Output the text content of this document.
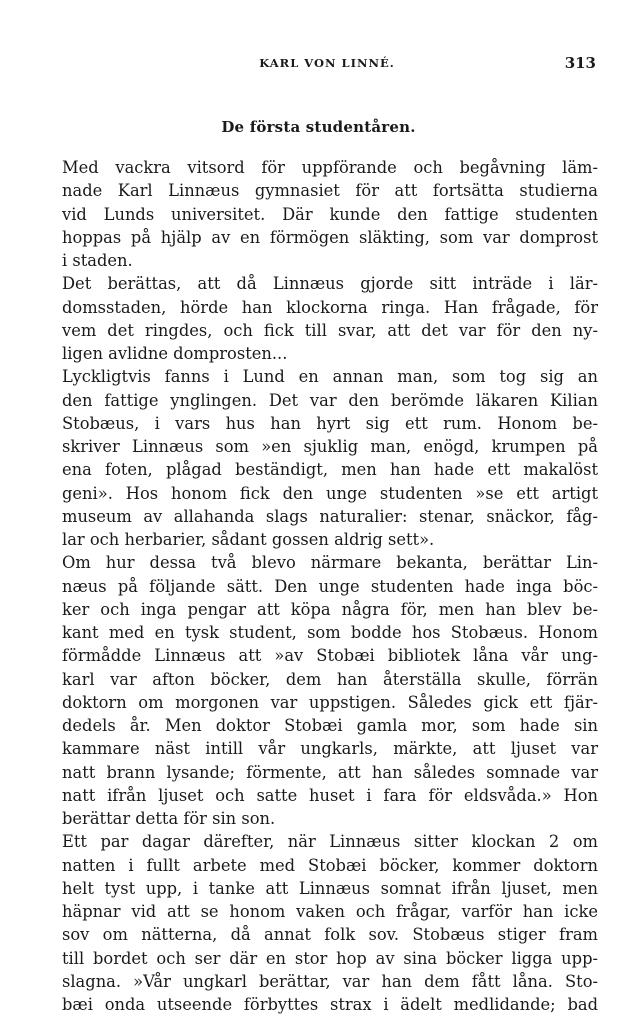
KARL VON LINNÉ.	313
De första studentåren.
Med vackra vitsord för uppförande och begåvning läm-
nade Karl Linnæus gymnasiet för att fortsätta studierna
vid Lunds universitet. Där kunde den fattige studenten
hoppas på hjälp av en förmögen släkting, som var domprost
i staden.
Det berättas, att då Linnæus gjorde sitt inträde i lär-
domsstaden, hörde han klockorna ringa. Han frågade, för
vem det ringdes, och fick till svar, att det var för den ny-
ligen avlidne domprosten...
Lyckligtvis fanns i Lund en annan man, som tog sig an
den fattige ynglingen. Det var den berömde läkaren Kilian
Stobæus, i vars hus han hyrt sig ett rum. Honom be-
skriver Linnæus som »en sjuklig man, enögd, krumpen på
ena foten, plågad beständigt, men han hade ett makalöst
geni». Hos honom fick den unge studenten »se ett artigt
museum av allahanda slags naturalier: stenar, snäckor, fåg-
lar och herbarier, sådant gossen aldrig sett».
Om hur dessa två blevo närmare bekanta, berättar Lin-
næus på följande sätt. Den unge studenten hade inga böc-
ker och inga pengar att köpa några för, men han blev be-
kant med en tysk student, som bodde hos Stobæus. Honom
förmådde Linnæus att »av Stobæi bibliotek låna vår ung-
karl var afton böcker, dem han återställa skulle, förrän
doktorn om morgonen var uppstigen. Således gick ett fjär-
dedels år. Men doktor Stobæi gamla mor, som hade sin
kammare näst intill vår ungkarls, märkte, att ljuset var
natt brann lysande; förmente, att han således somnade var
natt ifrån ljuset och satte huset i fara för eldsvåda.» Hon
berättar detta för sin son.
Ett par dagar därefter, när Linnæus sitter klockan 2 om
natten i fullt arbete med Stobæi böcker, kommer doktorn
helt tyst upp, i tanke att Linnæus somnat ifrån ljuset, men
häpnar vid att se honom vaken och frågar, varför han icke
sov om nätterna, då annat folk sov. Stobæus stiger fram
till bordet och ser där en stor hop av sina böcker ligga upp-
slagna. »Vår ungkarl berättar, var han dem fått låna. Sto-
bæi onda utseende förbyttes strax i ädelt medlidande; bad
